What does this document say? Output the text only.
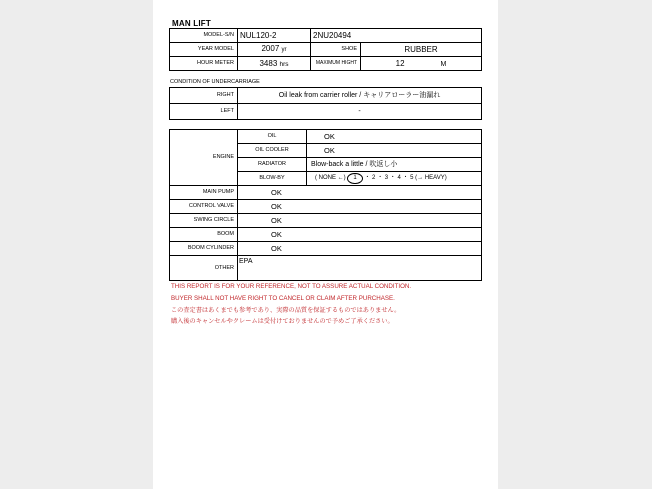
MAN LIFT
MODEL-S/N	NUL120-2	2NU20494	
YEAR MODEL	2007 yr	SHOE	RUBBER
HOUR METER	3483 hrs	MAXIMUM HIGHT	12 M
CONDITION OF UNDERCARRIAGE
RIGHT	Oil leak from carrier roller / キャリアローラー油漏れ
LEFT	-
ENGINE	OIL	OK
	OIL COOLER	OK
	RADIATOR	Blow-back a little / 吹返し小
	BLOW-BY	( NONE ←) 1 ・ 2 ・ 3 ・ 4 ・ 5 (→ HEAVY)
MAIN PUMP	OK	
CONTROL VALVE	OK	
SWING CIRCLE	OK	
BOOM	OK	
BOOM CYLINDER	OK	
OTHER	EPA	
THIS REPORT IS FOR YOUR REFERENCE, NOT TO ASSURE ACTUAL CONDITION.
BUYER SHALL NOT HAVE RIGHT TO CANCEL OR CLAIM AFTER PURCHASE.
この査定書はあくまでも参考であり、実際の品質を保証するものではありません。
購入後のキャンセルやクレームは受付けておりませんので予めご了承ください。
